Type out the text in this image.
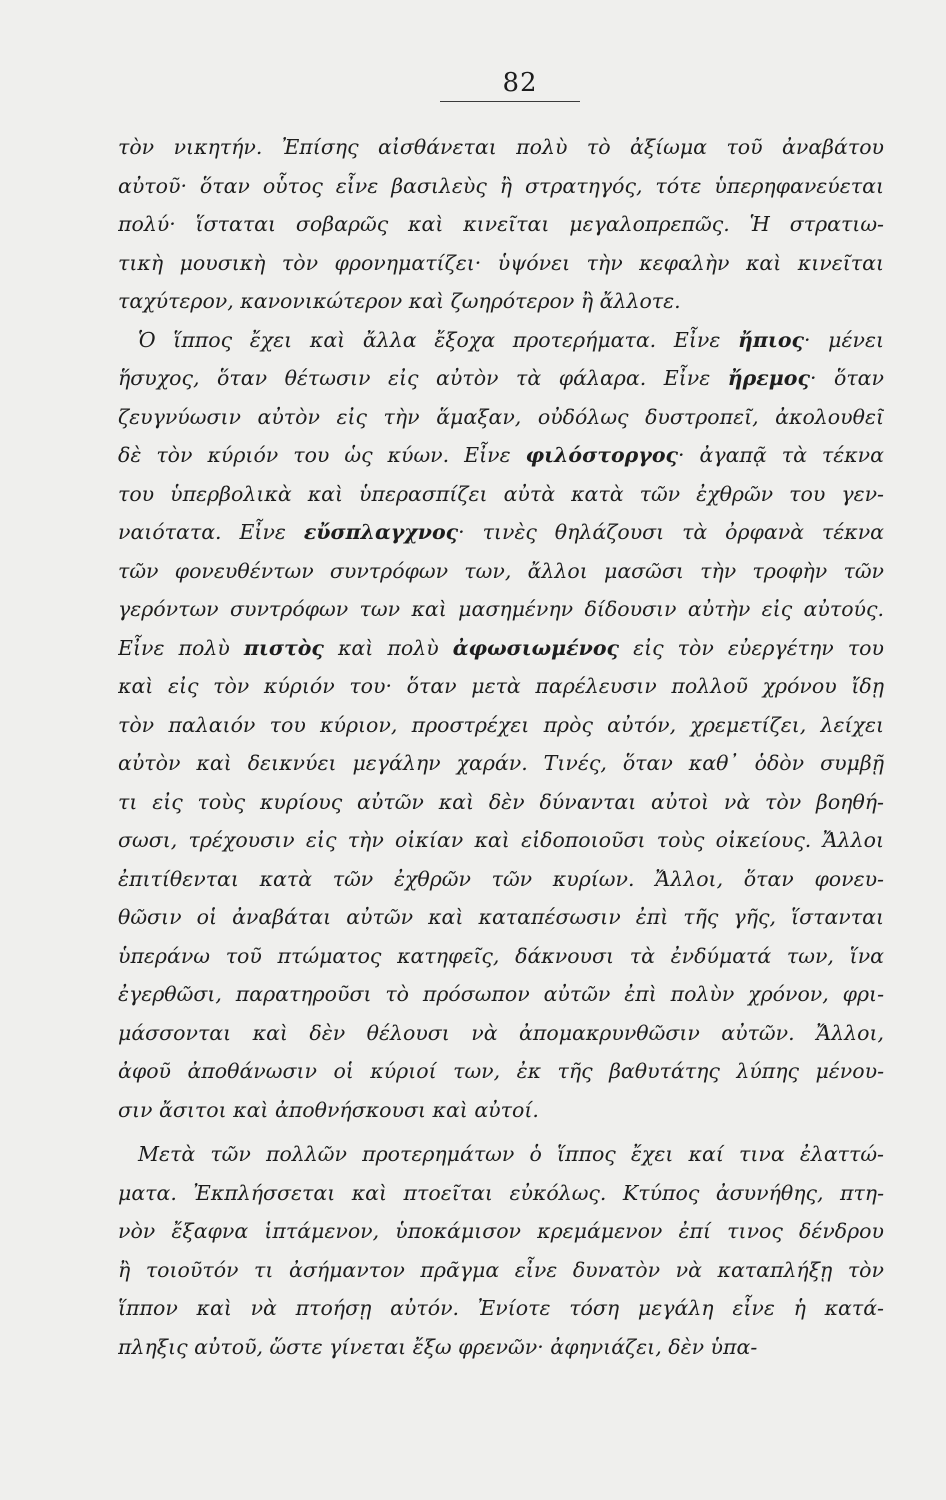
82
τὸν νικητήν. Ἐπίσης αἰσθάνεται πολὺ τὸ ἀξίωμα τοῦ ἀναβάτου
αὐτοῦ· ὅταν οὗτος εἶνε βασιλεὺς ἢ στρατηγός, τότε ὑπερηφανεύεται
πολύ· ἵσταται σοβαρῶς καὶ κινεῖται μεγαλοπρεπῶς. Ἡ στρατιω-
τικὴ μουσικὴ τὸν φρονηματίζει· ὑψόνει τὴν κεφαλὴν καὶ κινεῖται
ταχύτερον, κανονικώτερον καὶ ζωηρότερον ἢ ἄλλοτε.
Ὁ ἵππος ἔχει καὶ ἄλλα ἔξοχα προτερήματα. Εἶνε ἤπιος· μένει
ἥσυχος, ὅταν θέτωσιν εἰς αὐτὸν τὰ φάλαρα. Εἶνε ἤρεμος· ὅταν
ζευγνύωσιν αὐτὸν εἰς τὴν ἅμαξαν, οὐδόλως δυστροπεῖ, ἀκολουθεῖ
δὲ τὸν κύριόν του ὡς κύων. Εἶνε φιλόστοργος· ἀγαπᾷ τὰ τέκνα
του ὑπερβολικὰ καὶ ὑπερασπίζει αὐτὰ κατὰ τῶν ἐχθρῶν του γεν-
ναιότατα. Εἶνε εὔσπλαγχνος· τινὲς θηλάζουσι τὰ ὀρφανὰ τέκνα
τῶν φονευθέντων συντρόφων των, ἄλλοι μασῶσι τὴν τροφὴν τῶν
γερόντων συντρόφων των καὶ μασημένην δίδουσιν αὐτὴν εἰς αὐτούς.
Εἶνε πολὺ πιστὸς καὶ πολὺ ἀφωσιωμένος εἰς τὸν εὐεργέτην του
καὶ εἰς τὸν κύριόν του· ὅταν μετὰ παρέλευσιν πολλοῦ χρόνου ἴδῃ
τὸν παλαιόν του κύριον, προστρέχει πρὸς αὐτόν, χρεμετίζει, λείχει
αὐτὸν καὶ δεικνύει μεγάλην χαράν. Τινές, ὅταν καθ᾽ ὁδὸν συμβῇ
τι εἰς τοὺς κυρίους αὐτῶν καὶ δὲν δύνανται αὐτοὶ νὰ τὸν βοηθή-
σωσι, τρέχουσιν εἰς τὴν οἰκίαν καὶ εἰδοποιοῦσι τοὺς οἰκείους. Ἄλλοι
ἐπιτίθενται κατὰ τῶν ἐχθρῶν τῶν κυρίων. Ἄλλοι, ὅταν φονευ-
θῶσιν οἱ ἀναβάται αὐτῶν καὶ καταπέσωσιν ἐπὶ τῆς γῆς, ἵστανται
ὑπεράνω τοῦ πτώματος κατηφεῖς, δάκνουσι τὰ ἐνδύματά των, ἵνα
ἐγερθῶσι, παρατηροῦσι τὸ πρόσωπον αὐτῶν ἐπὶ πολὺν χρόνον, φρι-
μάσσονται καὶ δὲν θέλουσι νὰ ἀπομακρυνθῶσιν αὐτῶν. Ἄλλοι,
ἀφοῦ ἀποθάνωσιν οἱ κύριοί των, ἐκ τῆς βαθυτάτης λύπης μένου-
σιν ἄσιτοι καὶ ἀποθνήσκουσι καὶ αὐτοί.
Μετὰ τῶν πολλῶν προτερημάτων ὁ ἵππος ἔχει καί τινα ἐλαττώ-
ματα. Ἐκπλήσσεται καὶ πτοεῖται εὐκόλως. Κτύπος ἀσυνήθης, πτη-
νὸν ἔξαφνα ἱπτάμενον, ὑποκάμισον κρεμάμενον ἐπί τινος δένδρου
ἢ τοιοῦτόν τι ἀσήμαντον πρᾶγμα εἶνε δυνατὸν νὰ καταπλήξῃ τὸν
ἵππον καὶ νὰ πτοήσῃ αὐτόν. Ἐνίοτε τόση μεγάλη εἶνε ἡ κατά-
πληξις αὐτοῦ, ὥστε γίνεται ἔξω φρενῶν· ἀφηνιάζει, δὲν ὑπα-
